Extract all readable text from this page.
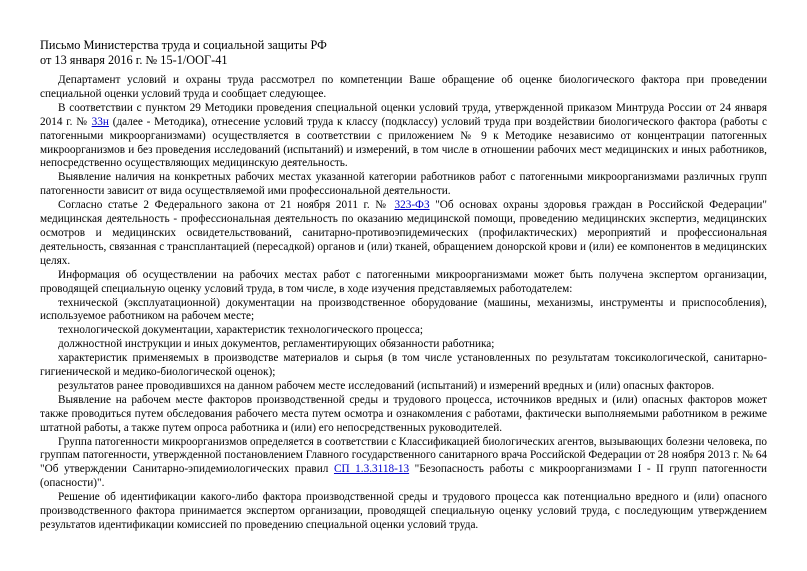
Письмо Министерства труда и социальной защиты РФ
от 13 января 2016 г. № 15-1/ООГ-41

Департамент условий и охраны труда рассмотрел по компетенции Ваше обращение об оценке биологического фактора при проведении специальной оценки условий труда и сообщает следующее.

В соответствии с пунктом 29 Методики проведения специальной оценки условий труда, утвержденной приказом Минтруда России от 24 января 2014 г. № 33н (далее - Методика), отнесение условий труда к классу (подклассу) условий труда при воздействии биологического фактора (работы с патогенными микроорганизмами) осуществляется в соответствии с приложением № 9 к Методике независимо от концентрации патогенных микроорганизмов и без проведения исследований (испытаний) и измерений, в том числе в отношении рабочих мест медицинских и иных работников, непосредственно осуществляющих медицинскую деятельность.

Выявление наличия на конкретных рабочих местах указанной категории работников работ с патогенными микроорганизмами различных групп патогенности зависит от вида осуществляемой ими профессиональной деятельности.

Согласно статье 2 Федерального закона от 21 ноября 2011 г. № 323-ФЗ "Об основах охраны здоровья граждан в Российской Федерации" медицинская деятельность - профессиональная деятельность по оказанию медицинской помощи, проведению медицинских экспертиз, медицинских осмотров и медицинских освидетельствований, санитарно-противоэпидемических (профилактических) мероприятий и профессиональная деятельность, связанная с трансплантацией (пересадкой) органов и (или) тканей, обращением донорской крови и (или) ее компонентов в медицинских целях.

Информация об осуществлении на рабочих местах работ с патогенными микроорганизмами может быть получена экспертом организации, проводящей специальную оценку условий труда, в том числе, в ходе изучения представляемых работодателем:

технической (эксплуатационной) документации на производственное оборудование (машины, механизмы, инструменты и приспособления), используемое работником на рабочем месте;

технологической документации, характеристик технологического процесса;

должностной инструкции и иных документов, регламентирующих обязанности работника;

характеристик применяемых в производстве материалов и сырья (в том числе установленных по результатам токсикологической, санитарно-гигиенической и медико-биологической оценок);

результатов ранее проводившихся на данном рабочем месте исследований (испытаний) и измерений вредных и (или) опасных факторов.

Выявление на рабочем месте факторов производственной среды и трудового процесса, источников вредных и (или) опасных факторов может также проводиться путем обследования рабочего места путем осмотра и ознакомления с работами, фактически выполняемыми работником в режиме штатной работы, а также путем опроса работника и (или) его непосредственных руководителей.

Группа патогенности микроорганизмов определяется в соответствии с Классификацией биологических агентов, вызывающих болезни человека, по группам патогенности, утвержденной постановлением Главного государственного санитарного врача Российской Федерации от 28 ноября 2013 г. № 64 "Об утверждении Санитарно-эпидемиологических правил СП 1.3.3118-13 "Безопасность работы с микроорганизмами I - II групп патогенности (опасности)".

Решение об идентификации какого-либо фактора производственной среды и трудового процесса как потенциально вредного и (или) опасного производственного фактора принимается экспертом организации, проводящей специальную оценку условий труда, с последующим утверждением результатов идентификации комиссией по проведению специальной оценки условий труда.
